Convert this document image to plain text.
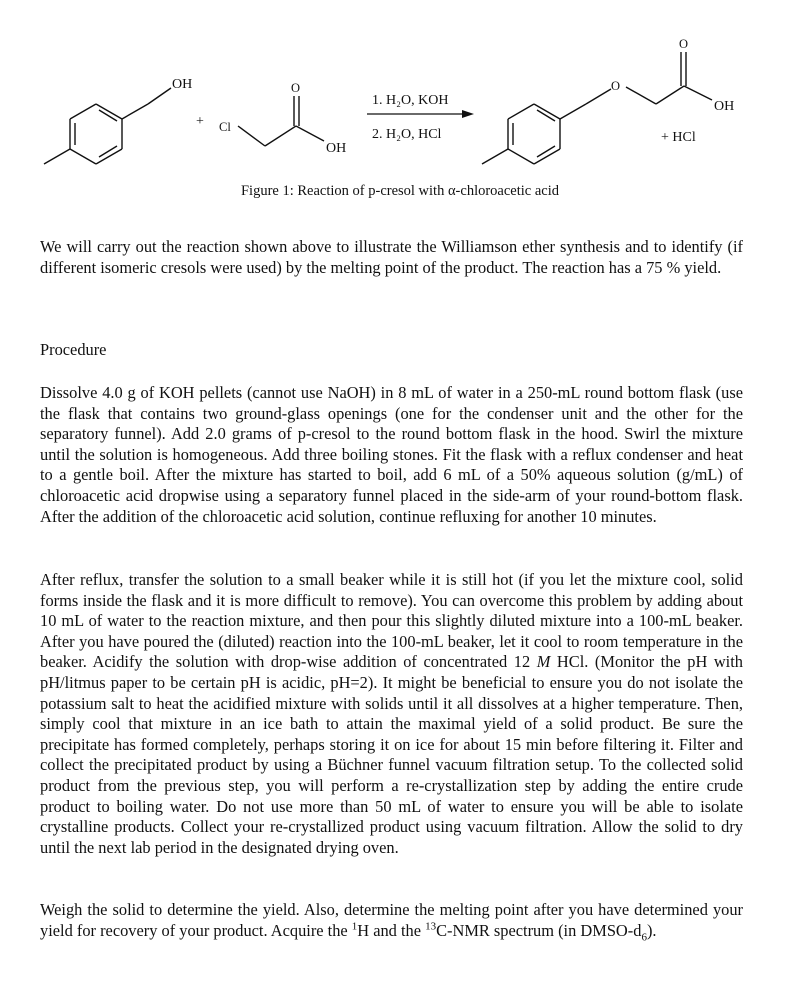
OH
+ Cl
O
OH
1. H₂O, KOH
2. H₂O, HCl
O
O
OH
+ HCl
Figure 1: Reaction of p-cresol with α-chloroacetic acid

We will carry out the reaction shown above to illustrate the Williamson ether synthesis and to identify (if different isomeric cresols were used) by the melting point of the product. The reaction has a 75 % yield.

Procedure

Dissolve 4.0 g of KOH pellets (cannot use NaOH) in 8 mL of water in a 250-mL round bottom flask (use the flask that contains two ground-glass openings (one for the condenser unit and the other for the separatory funnel). Add 2.0 grams of p-cresol to the round bottom flask in the hood. Swirl the mixture until the solution is homogeneous. Add three boiling stones. Fit the flask with a reflux condenser and heat to a gentle boil. After the mixture has started to boil, add 6 mL of a 50% aqueous solution (g/mL) of chloroacetic acid dropwise using a separatory funnel placed in the side-arm of your round-bottom flask. After the addition of the chloroacetic acid solution, continue refluxing for another 10 minutes.

After reflux, transfer the solution to a small beaker while it is still hot (if you let the mixture cool, solid forms inside the flask and it is more difficult to remove). You can overcome this problem by adding about 10 mL of water to the reaction mixture, and then pour this slightly diluted mixture into a 100-mL beaker. After you have poured the (diluted) reaction into the 100-mL beaker, let it cool to room temperature in the beaker. Acidify the solution with drop-wise addition of concentrated 12 M HCl. (Monitor the pH with pH/litmus paper to be certain pH is acidic, pH=2). It might be beneficial to ensure you do not isolate the potassium salt to heat the acidified mixture with solids until it all dissolves at a higher temperature. Then, simply cool that mixture in an ice bath to attain the maximal yield of a solid product. Be sure the precipitate has formed completely, perhaps storing it on ice for about 15 min before filtering it. Filter and collect the precipitated product by using a Büchner funnel vacuum filtration setup. To the collected solid product from the previous step, you will perform a re-crystallization step by adding the entire crude product to boiling water. Do not use more than 50 mL of water to ensure you will be able to isolate crystalline products. Collect your re-crystallized product using vacuum filtration. Allow the solid to dry until the next lab period in the designated drying oven.

Weigh the solid to determine the yield. Also, determine the melting point after you have determined your yield for recovery of your product. Acquire the $^1$H and the $^{13}$C-NMR spectrum (in DMSO-$d_6$).
